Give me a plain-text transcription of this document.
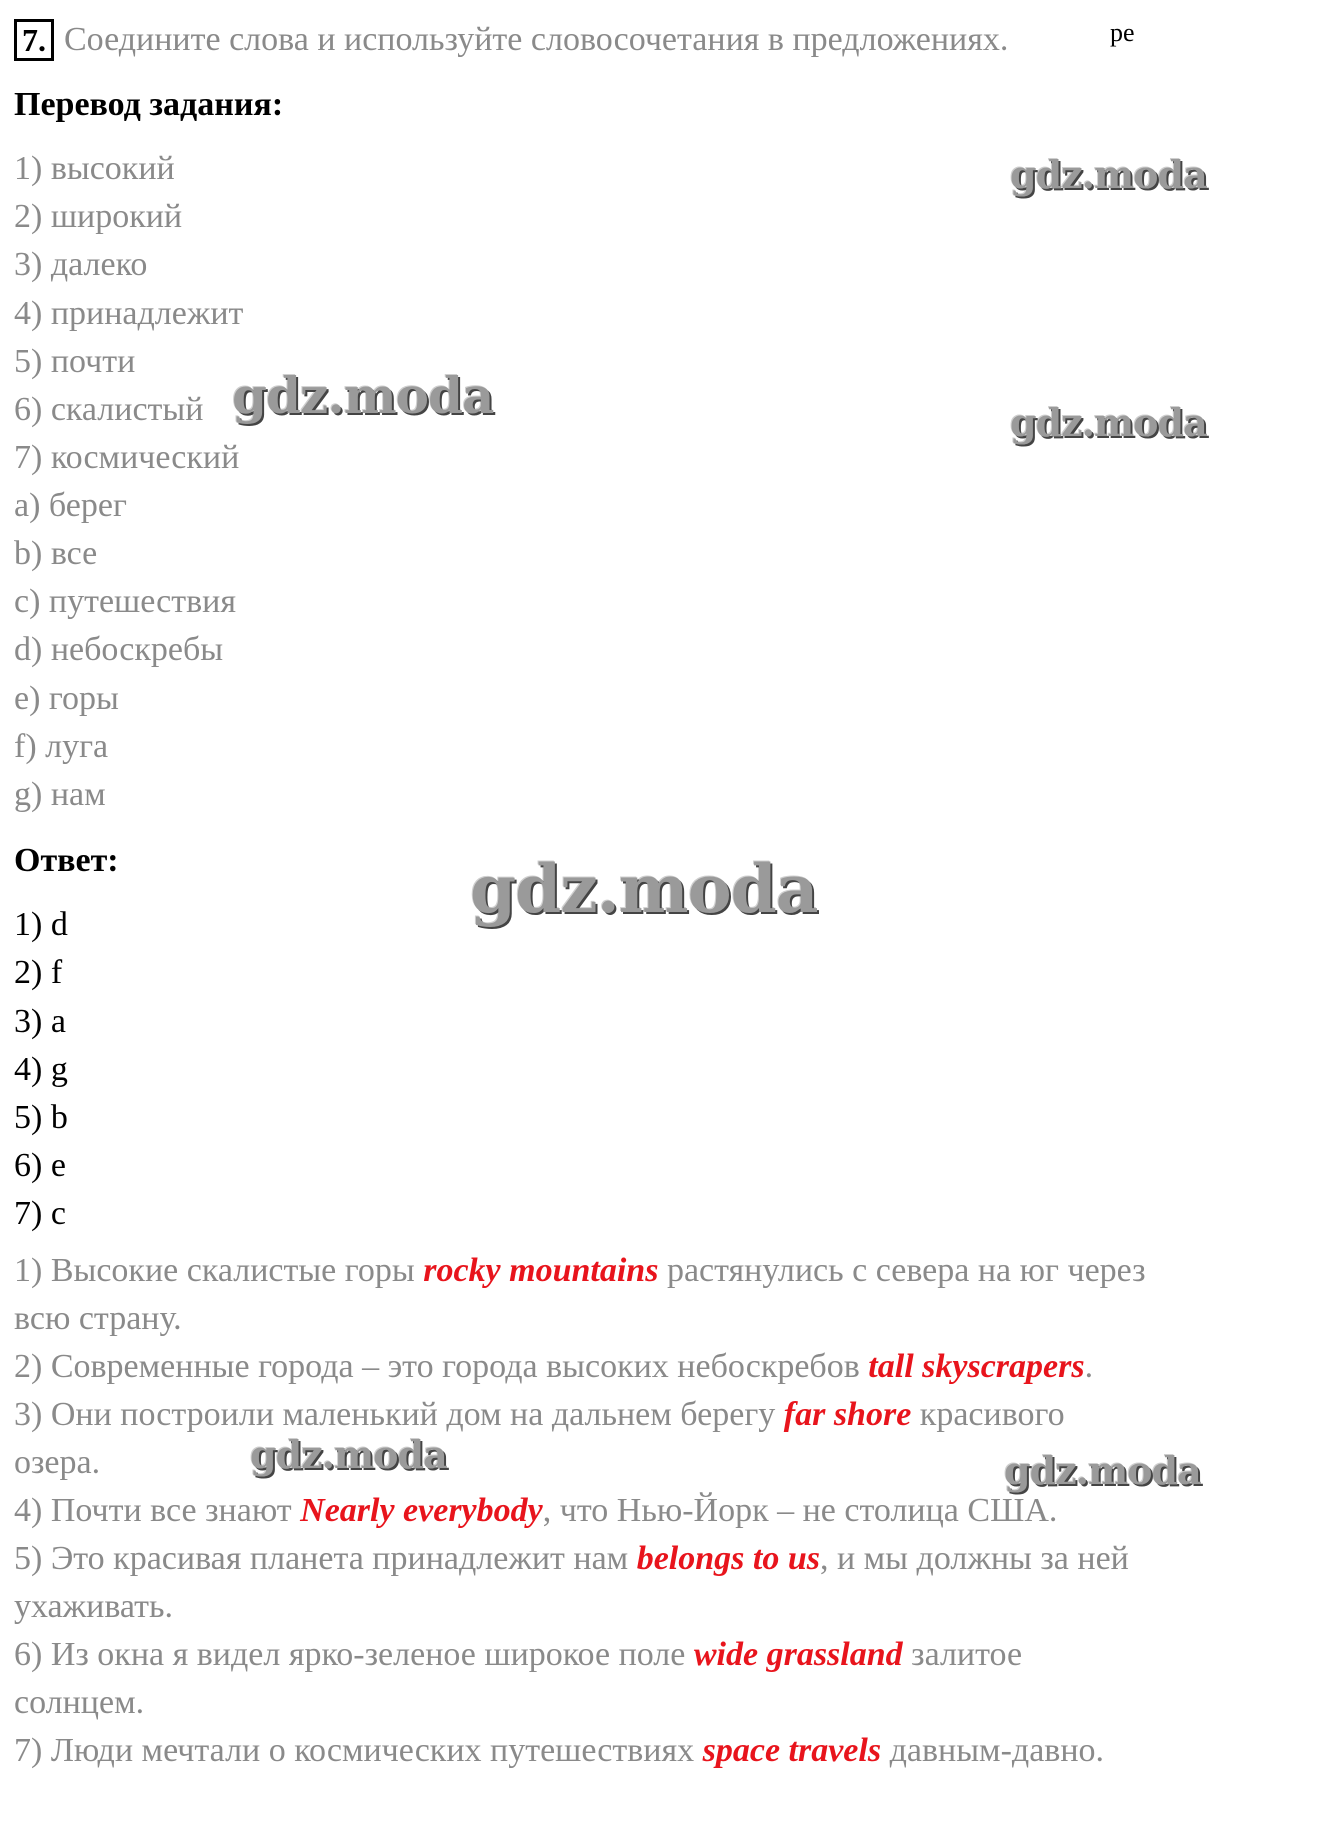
7. Соедините слова и используйте словосочетания в предложениях.	pe
Перевод задания:
1) высокий
2) широкий
3) далеко
4) принадлежит
5) почти
6) скалистый
7) космический
a) берег
b) все
c) путешествия
d) небоскребы
e) горы
f) луга
g) нам
Ответ:
1) d
2) f
3) a
4) g
5) b
6) e
7) c
1) Высокие скалистые горы rocky mountains растянулись с севера на юг через
всю страну.
2) Современные города – это города высоких небоскребов tall skyscrapers.
3) Они построили маленький дом на дальнем берегу far shore красивого
озера.
4) Почти все знают Nearly everybody, что Нью-Йорк – не столица США.
5) Это красивая планета принадлежит нам belongs to us, и мы должны за ней
ухаживать.
6) Из окна я видел ярко-зеленое широкое поле wide grassland залитое
солнцем.
7) Люди мечтали о космических путешествиях space travels давным-давно.
gdz.moda
gdz.moda	gdz.moda
gdz.moda
gdz.moda	gdz.moda
